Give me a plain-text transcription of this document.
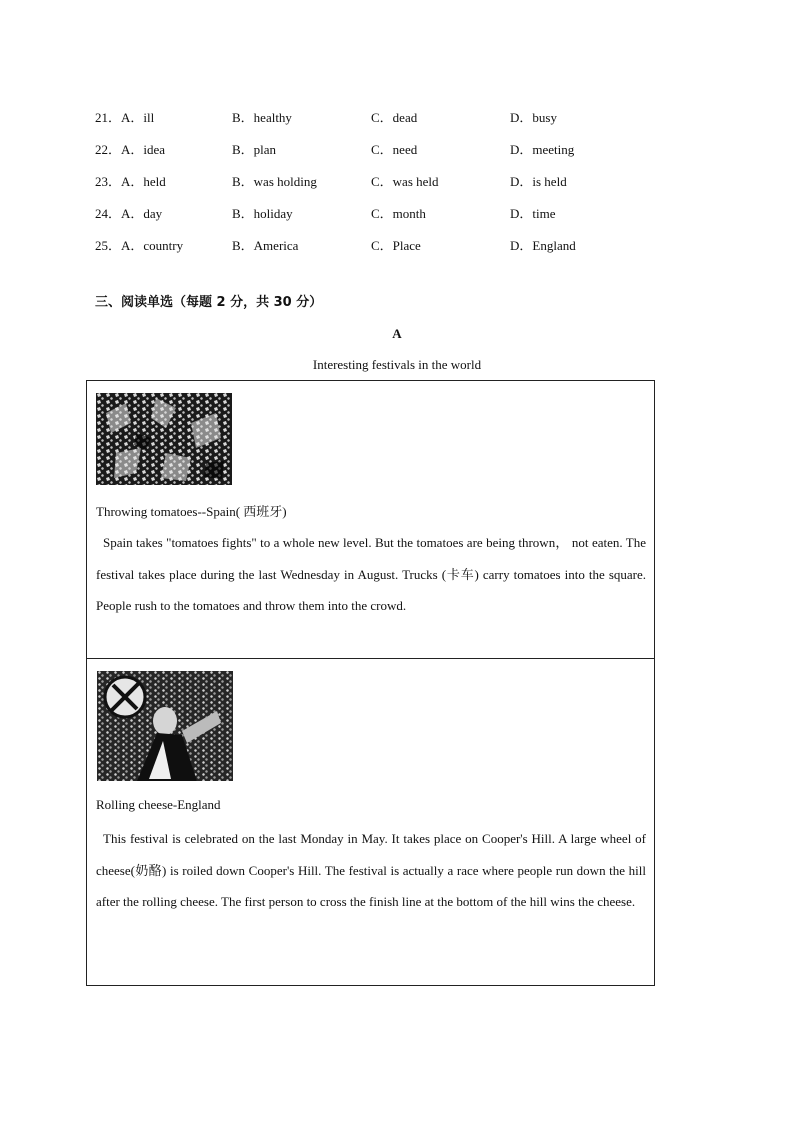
21．A．ill	B．healthy	C．dead	D．busy
22．A．idea	B．plan	C．need	D．meeting
23．A．held	B．was holding	C．was held	D．is held
24．A．day	B．holiday	C．month	D．time
25．A．country	B．America	C．Place	D．England
三、阅读单选（每题 2 分，共 30 分）
A
Interesting festivals in the world
Throwing tomatoes--Spain( 西班牙)
Spain takes "tomatoes fights" to a whole new level. But the tomatoes are being thrown， not eaten. The festival takes place during the last Wednesday in August. Trucks (卡车) carry tomatoes into the square. People rush to the tomatoes and throw them into the crowd.
Rolling cheese-England
This festival is celebrated on the last Monday in May. It takes place on Cooper's Hill. A large wheel of cheese(奶酪) is roiled down Cooper's Hill. The festival is actually a race where people run down the hill after the rolling cheese. The first person to cross the finish line at the bottom of the hill wins the cheese.
